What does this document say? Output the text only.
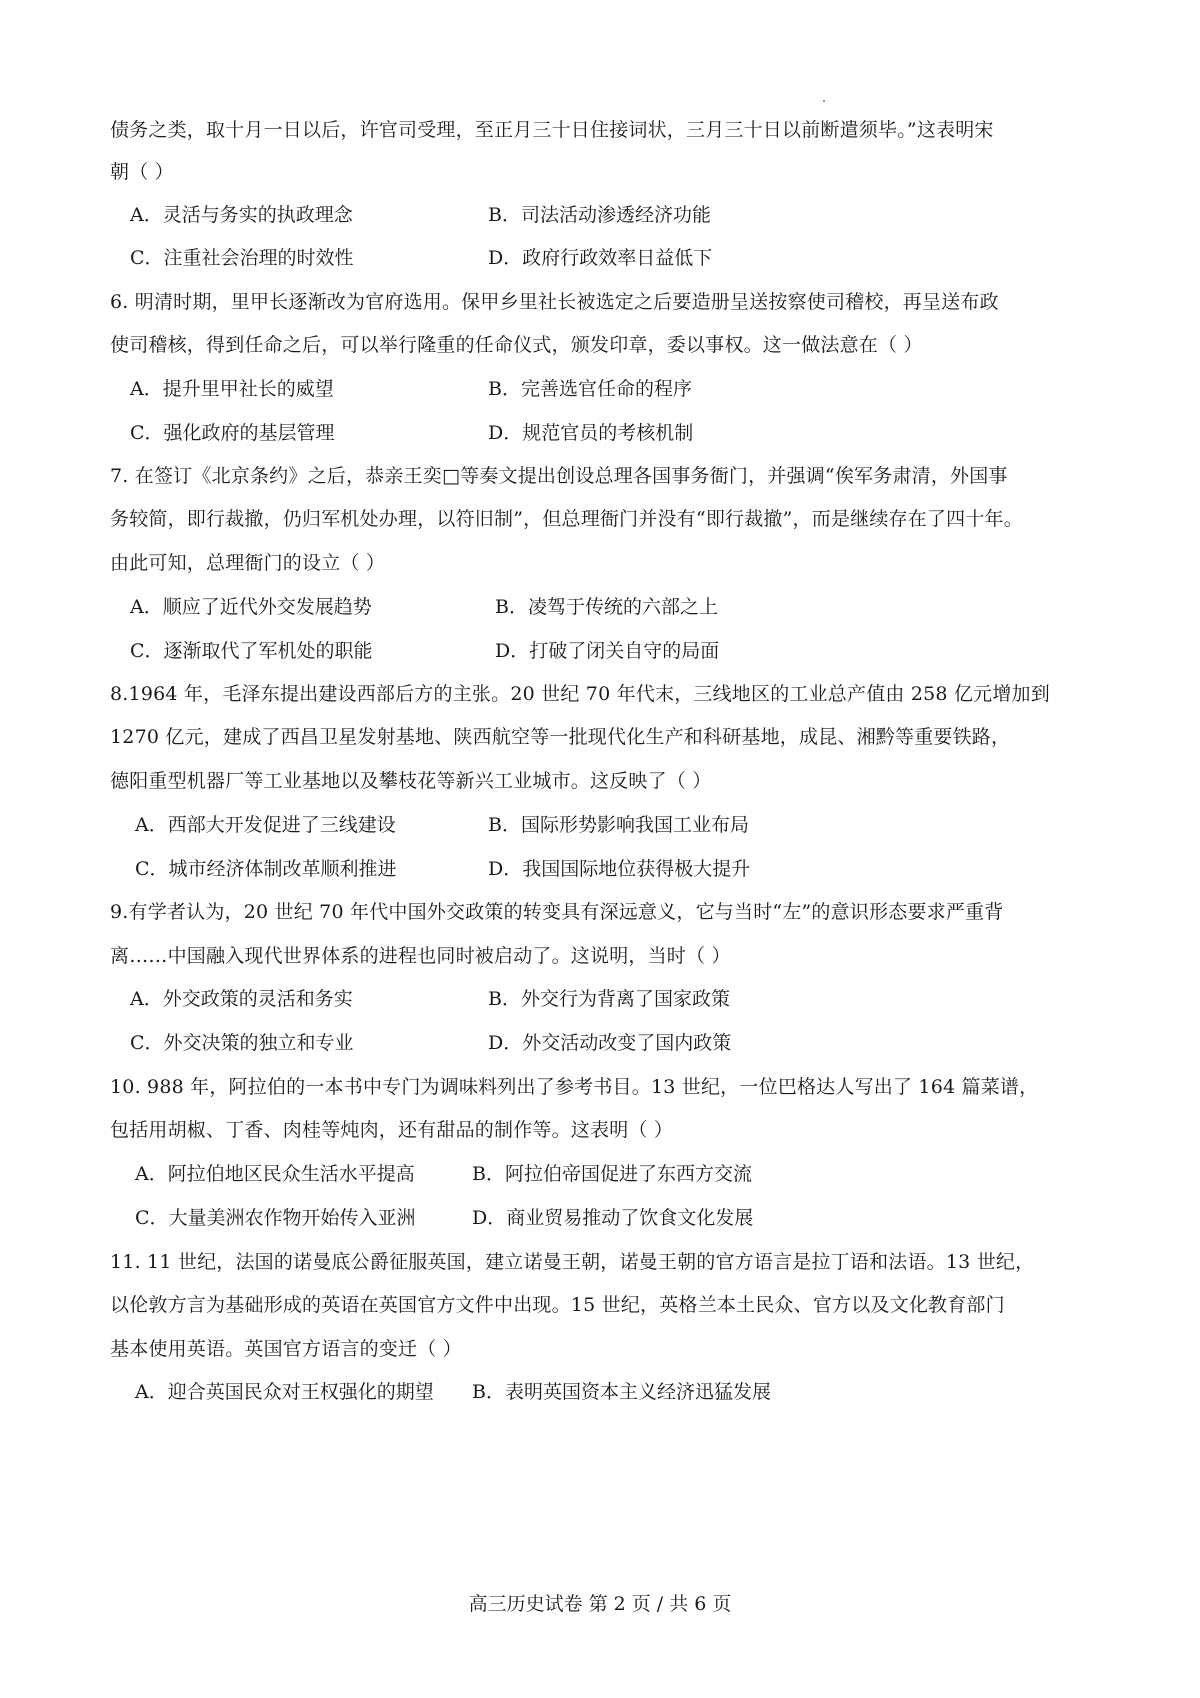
债务之类，取十月一日以后，许官司受理，至正月三十日住接词状，三月三十日以前断遣须毕。”这表明宋
朝（ ）
A．灵活与务实的执政理念	B．司法活动渗透经济功能
C．注重社会治理的时效性	D．政府行政效率日益低下
6. 明清时期，里甲长逐渐改为官府选用。保甲乡里社长被选定之后要造册呈送按察使司稽校，再呈送布政
使司稽核，得到任命之后，可以举行隆重的任命仪式，颁发印章，委以事权。这一做法意在（ ）
A．提升里甲社长的威望	B．完善选官任命的程序
C．强化政府的基层管理	D．规范官员的考核机制
7. 在签订《北京条约》之后，恭亲王奕□等奏文提出创设总理各国事务衙门，并强调“俟军务肃清，外国事
务较简，即行裁撤，仍归军机处办理，以符旧制”，但总理衙门并没有“即行裁撤”，而是继续存在了四十年。
由此可知，总理衙门的设立（ ）
A．顺应了近代外交发展趋势	B．凌驾于传统的六部之上
C．逐渐取代了军机处的职能	D．打破了闭关自守的局面
8.1964 年，毛泽东提出建设西部后方的主张。20 世纪 70 年代末，三线地区的工业总产值由 258 亿元增加到
1270 亿元，建成了西昌卫星发射基地、陕西航空等一批现代化生产和科研基地，成昆、湘黔等重要铁路，
德阳重型机器厂等工业基地以及攀枝花等新兴工业城市。这反映了（ ）
A．西部大开发促进了三线建设	B．国际形势影响我国工业布局
C．城市经济体制改革顺利推进	D．我国国际地位获得极大提升
9.有学者认为，20 世纪 70 年代中国外交政策的转变具有深远意义，它与当时“左”的意识形态要求严重背
离……中国融入现代世界体系的进程也同时被启动了。这说明，当时（ ）
A．外交政策的灵活和务实	B．外交行为背离了国家政策
C．外交决策的独立和专业	D．外交活动改变了国内政策
10. 988 年，阿拉伯的一本书中专门为调味料列出了参考书目。13 世纪，一位巴格达人写出了 164 篇菜谱，
包括用胡椒、丁香、肉桂等炖肉，还有甜品的制作等。这表明（ ）
A．阿拉伯地区民众生活水平提高	B．阿拉伯帝国促进了东西方交流
C．大量美洲农作物开始传入亚洲	D．商业贸易推动了饮食文化发展
11. 11 世纪，法国的诺曼底公爵征服英国，建立诺曼王朝，诺曼王朝的官方语言是拉丁语和法语。13 世纪，
以伦敦方言为基础形成的英语在英国官方文件中出现。15 世纪，英格兰本土民众、官方以及文化教育部门
基本使用英语。英国官方语言的变迁（ ）
A．迎合英国民众对王权强化的期望 B．表明英国资本主义经济迅猛发展
高三历史试卷 第 2 页 / 共 6 页
